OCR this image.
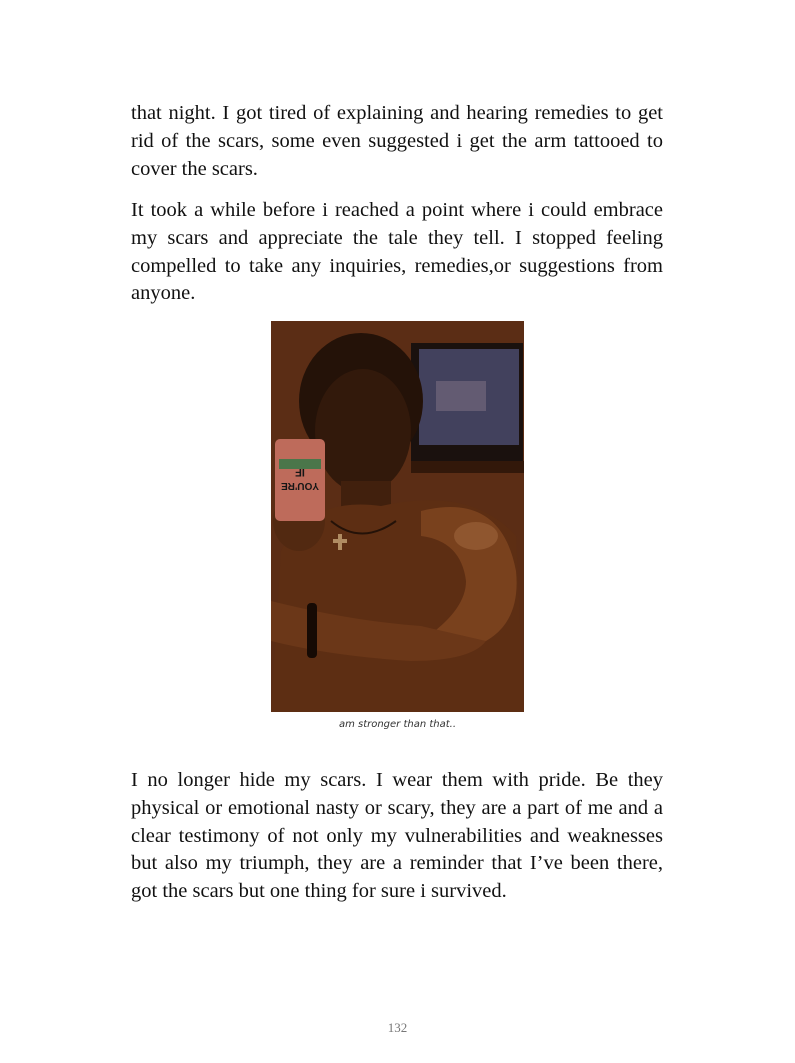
that night. I got tired of explaining and hearing remedies to get rid of the scars, some even suggested i get the arm tattooed to cover the scars.
It took a while before i reached a point where i could embrace my scars and appreciate the tale they tell. I stopped feeling compelled to take any inquiries, remedies,or suggestions from anyone.
IF
YOU'RE
am stronger than that..
I no longer hide my scars. I wear them with pride. Be they physical or emotional nasty or scary, they are a part of me and a clear testimony of not only my vulnerabilities and weaknesses but also my triumph, they are a reminder that I’ve been there, got the scars but one thing for sure i survived.
132
